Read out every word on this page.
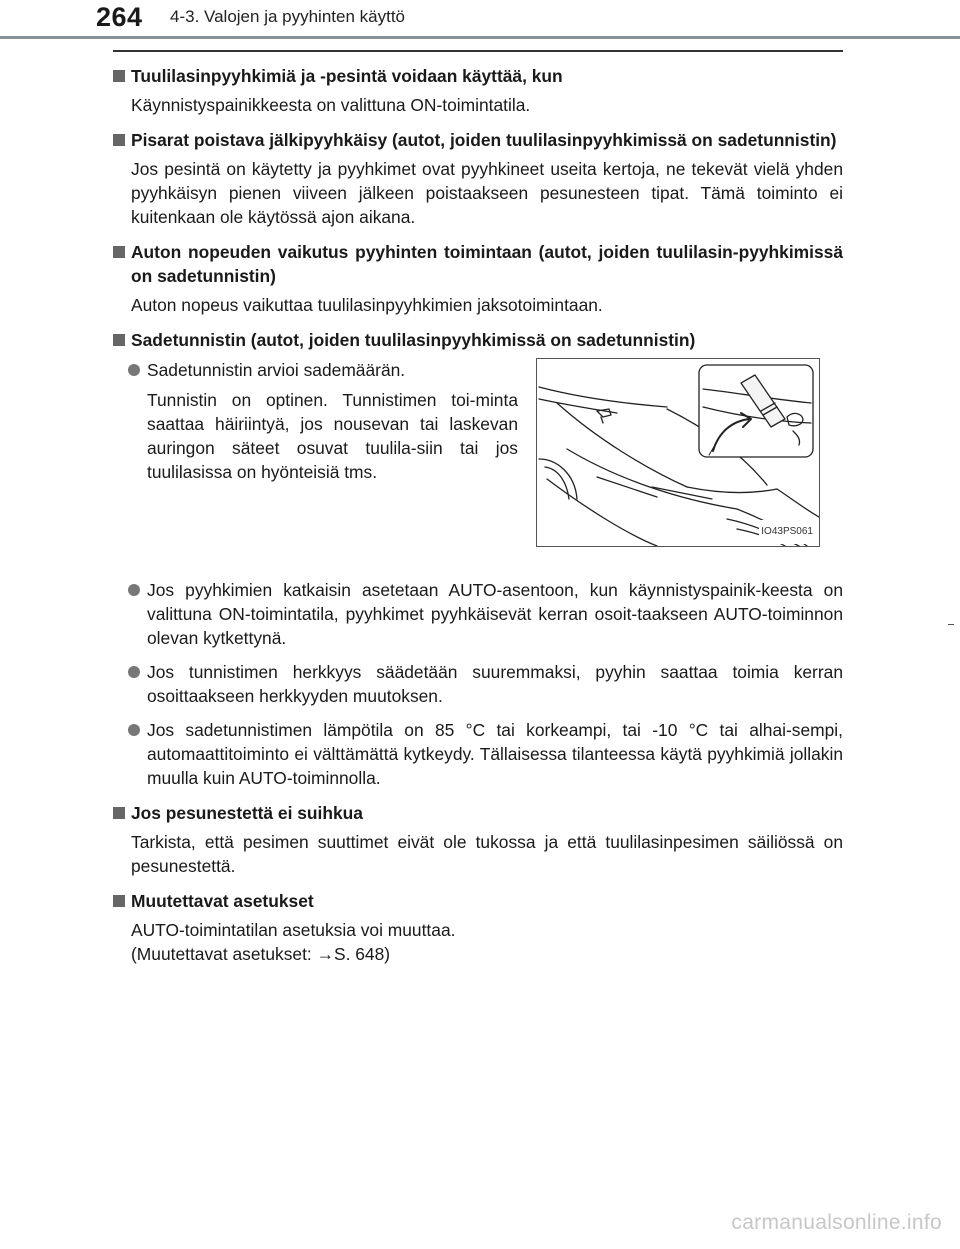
264 4-3. Valojen ja pyyhinten käyttö

Tuulilasinpyyhkimiä ja -pesintä voidaan käyttää, kun

Käynnistyspainikkeesta on valittuna ON-toimintatila.

Pisarat poistava jälkipyyhkäisy (autot, joiden tuulilasinpyyhkimissä on sadetunnistin)

Jos pesintä on käytetty ja pyyhkimet ovat pyyhkineet useita kertoja, ne tekevät vielä yhden pyyhkäisyn pienen viiveen jälkeen poistaakseen pesunesteen tipat. Tämä toiminto ei kuitenkaan ole käytössä ajon aikana.

Auton nopeuden vaikutus pyyhinten toimintaan (autot, joiden tuulilasin-pyyhkimissä on sadetunnistin)

Auton nopeus vaikuttaa tuulilasinpyyhkimien jaksotoimintaan.

Sadetunnistin (autot, joiden tuulilasinpyyhkimissä on sadetunnistin)

Sadetunnistin arvioi sademäärän.
Tunnistin on optinen. Tunnistimen toi-minta saattaa häiriintyä, jos nousevan tai laskevan auringon säteet osuvat tuulila-siin tai jos tuulilasissa on hyönteisiä tms.
IO43PS061
Jos pyyhkimien katkaisin asetetaan AUTO-asentoon, kun käynnistyspainik-keesta on valittuna ON-toimintatila, pyyhkimet pyyhkäisevät kerran osoit-taakseen AUTO-toiminnon olevan kytkettynä.
Jos tunnistimen herkkyys säädetään suuremmaksi, pyyhin saattaa toimia kerran osoittaakseen herkkyyden muutoksen.
Jos sadetunnistimen lämpötila on 85 °C tai korkeampi, tai -10 °C tai alhai-sempi, automaattitoiminto ei välttämättä kytkeydy. Tällaisessa tilanteessa käytä pyyhkimiä jollakin muulla kuin AUTO-toiminnolla.

Jos pesunestettä ei suihkua

Tarkista, että pesimen suuttimet eivät ole tukossa ja että tuulilasinpesimen säiliössä on pesunestettä.

Muutettavat asetukset

AUTO-toimintatilan asetuksia voi muuttaa.
(Muutettavat asetukset: →S. 648)

carmanualsonline.info
